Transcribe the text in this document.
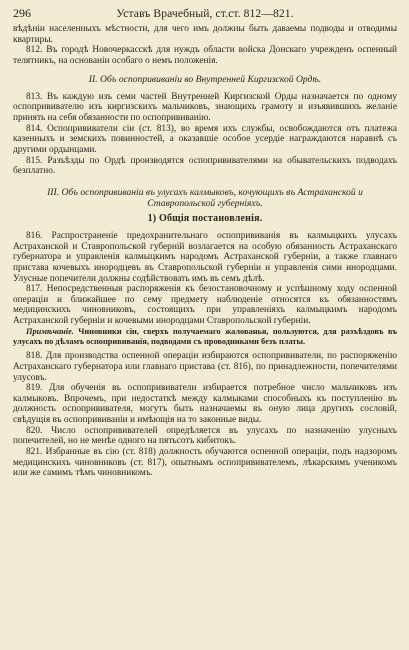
296	Уставъ Врачебный, ст.ст. 812—821.

вѣдѣніи населенныхъ мѣстности, для чего имъ должны быть даваемы подводы и отводимы квартиры.

812. Въ городѣ Новочеркасскѣ для нуждъ области войска Донскаго учрежденъ оспенный телятникъ, на основаніи особаго о немъ положенія.

II. Объ оспопрививаніи во Внутренней Киргизской Ордѣ.

813. Въ каждую изъ семи частей Внутренней Киргизской Орды назначается по одному оспопрививателю изъ киргизскихъ мальчиковъ, знающихъ грамоту и изъявившихъ желаніе принять на себя обязанности по оспопрививанію.

814. Оспопрививатели сіи (ст. 813), во время ихъ службы, освобождаются отъ платежа казенныхъ и земскихъ повинностей, а оказавшіе особое усердіе награждаются наравнѣ съ другими ордынцами.

815. Разъѣзды по Ордѣ производятся оспопрививателями на обывательскихъ подводахъ безплатно.

III. Объ оспопрививаніи въ улусахъ калмыковъ, кочующихъ въ Астраханской и Ставропольской губерніяхъ.
1) Общія постановленія.

816. Распространеніе предохранительнаго оспопрививанія въ калмыцкихъ улусахъ Астраханской и Ставропольской губерній возлагается на особую обязанность Астраханскаго губернатора и управленія калмыцкимъ народомъ Астраханской губерніи, а также главнаго пристава кочевыхъ инородцевъ въ Ставропольской губерніи и управленія сими инородцами. Улусные попечители должны содѣйствовать имъ въ семъ дѣлѣ.

817. Непосредственныя распоряженія къ безостановочному и успѣшному ходу оспенной операціи и ближайшее по сему предмету наблюденіе относятся къ обязанностямъ медицинскихъ чиновниковъ, состоящихъ при управленіяхъ калмыцкимъ народомъ Астраханской губерніи и кочевыми инородцами Ставропольской губерніи.

Примѣчаніе. Чиновники сіи, сверхъ получаемаго жалованья, пользуются, для разъѣздовъ въ улусахъ по дѣламъ оспопрививанія, подводами съ проводниками безъ платы.

818. Для производства оспенной операціи избираются оспопрививатели, по распоряженію Астраханскаго губернатора или главнаго пристава (ст. 816), по принадлежности, попечителями улусовъ.

819. Для обученія въ оспопрививатели избирается потребное число мальчиковъ изъ калмыковъ. Впрочемъ, при недостаткѣ между калмыками способныхъ къ поступленію въ должность оспопрививателя, могутъ быть назначаемы въ оную лица другихъ сословій, свѣдущія въ оспопрививаніи и имѣющія на то законные виды.

820. Число оспопрививателей опредѣляется въ улусахъ по назначенію улусныхъ попечителей, но не менѣе одного на пятьсотъ кибитокъ.

821. Избранные въ сію (ст. 818) должность обучаются оспенной операціи, подъ надзоромъ медицинскихъ чиновниковъ (ст. 817), опытнымъ оспопрививателемъ, лѣкарскимъ ученикомъ или же самимъ тѣмъ чиновникомъ.
